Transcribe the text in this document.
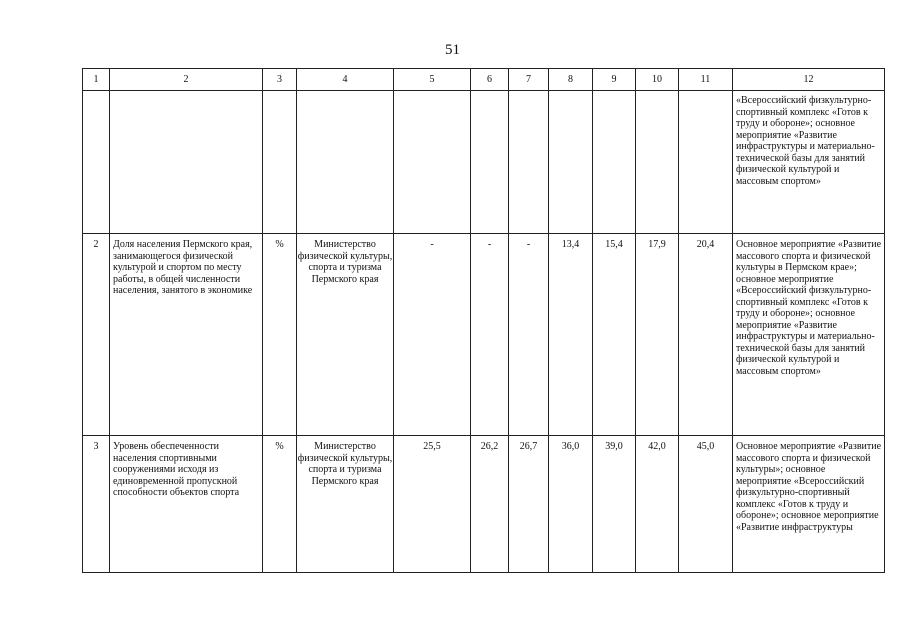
51
1	2	3	4	5	6	7	8	9	10	11	12
											«Всероссийский физкультурно-спортивный комплекс «Готов к труду и обороне»; основное мероприятие «Развитие инфраструктуры и материально-технической базы для занятий физической культурой и массовым спортом»
2	Доля населения Пермского края, занимающегося физической культурой и спортом по месту работы, в общей численности населения, занятого в экономике	%	Министерство физической культуры, спорта и туризма Пермского края	-	-	-	13,4	15,4	17,9	20,4	Основное мероприятие «Развитие массового спорта и физической культуры в Пермском крае»; основное мероприятие «Всероссийский физкультурно-спортивный комплекс «Готов к труду и обороне»; основное мероприятие «Развитие инфраструктуры и материально-технической базы для занятий физической культурой и массовым спортом»
3	Уровень обеспеченности населения спортивными сооружениями исходя из единовременной пропускной способности объектов спорта	%	Министерство физической культуры, спорта и туризма Пермского края	25,5	26,2	26,7	36,0	39,0	42,0	45,0	Основное мероприятие «Развитие массового спорта и физической культуры»; основное мероприятие «Всероссийский физкультурно-спортивный комплекс «Готов к труду и обороне»; основное мероприятие «Развитие инфраструктуры
